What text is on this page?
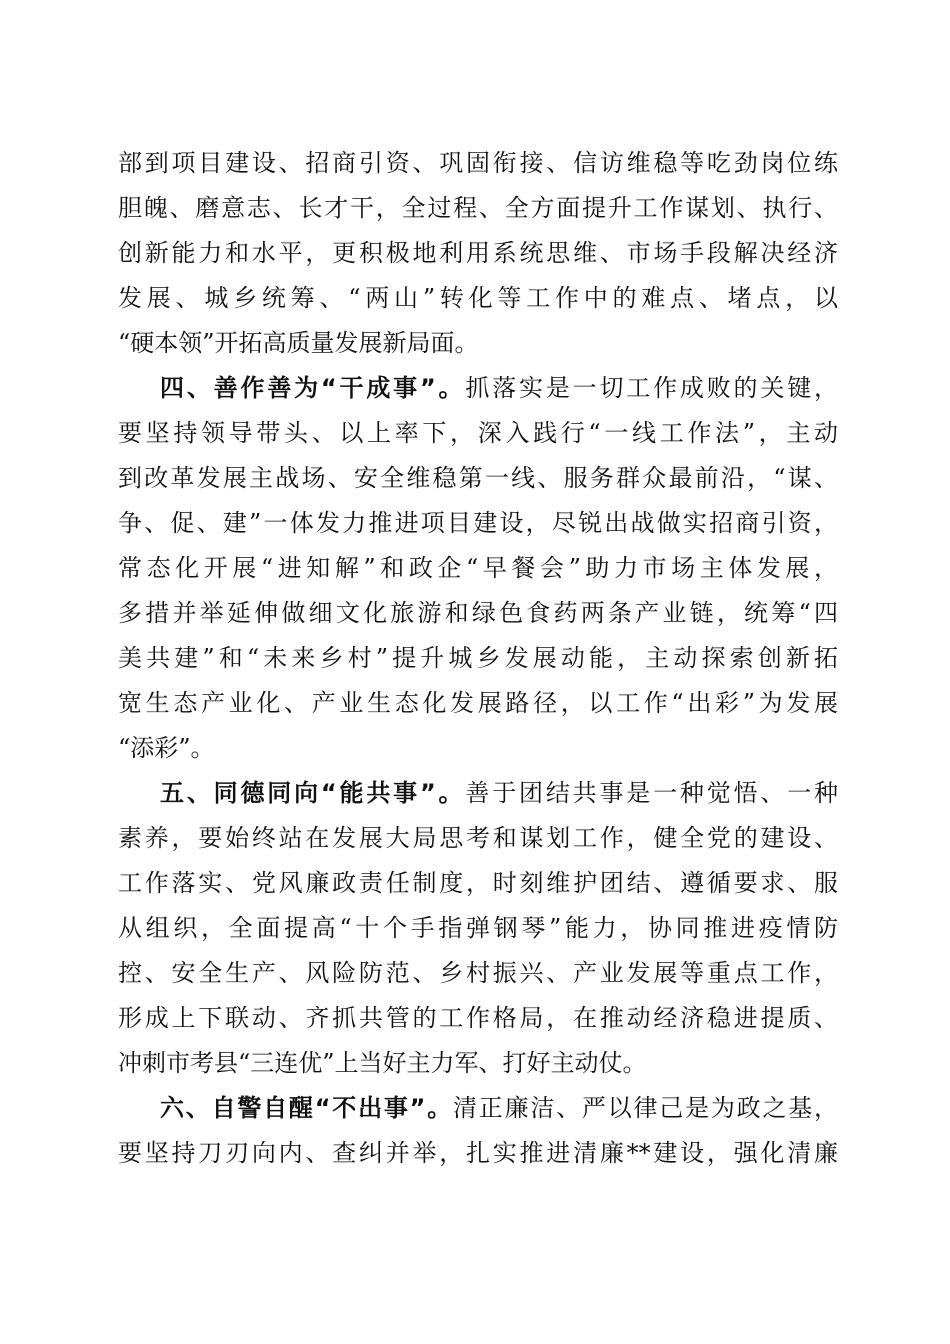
部到项目建设、招商引资、巩固衔接、信访维稳等吃劲岗位练
胆魄、磨意志、长才干，全过程、全方面提升工作谋划、执行、
创新能力和水平，更积极地利用系统思维、市场手段解决经济
发展、城乡统筹、“两山”转化等工作中的难点、堵点，以
“硬本领”开拓高质量发展新局面。
四、善作善为“干成事”。抓落实是一切工作成败的关键，
要坚持领导带头、以上率下，深入践行“一线工作法”，主动
到改革发展主战场、安全维稳第一线、服务群众最前沿，“谋、
争、促、建”一体发力推进项目建设，尽锐出战做实招商引资，
常态化开展“进知解”和政企“早餐会”助力市场主体发展，
多措并举延伸做细文化旅游和绿色食药两条产业链，统筹“四
美共建”和“未来乡村”提升城乡发展动能，主动探索创新拓
宽生态产业化、产业生态化发展路径，以工作“出彩”为发展
“添彩”。
五、同德同向“能共事”。善于团结共事是一种觉悟、一种
素养，要始终站在发展大局思考和谋划工作，健全党的建设、
工作落实、党风廉政责任制度，时刻维护团结、遵循要求、服
从组织，全面提高“十个手指弹钢琴”能力，协同推进疫情防
控、安全生产、风险防范、乡村振兴、产业发展等重点工作，
形成上下联动、齐抓共管的工作格局，在推动经济稳进提质、
冲刺市考县“三连优”上当好主力军、打好主动仗。
六、自警自醒“不出事”。清正廉洁、严以律己是为政之基，
要坚持刀刃向内、查纠并举，扎实推进清廉**建设，强化清廉
